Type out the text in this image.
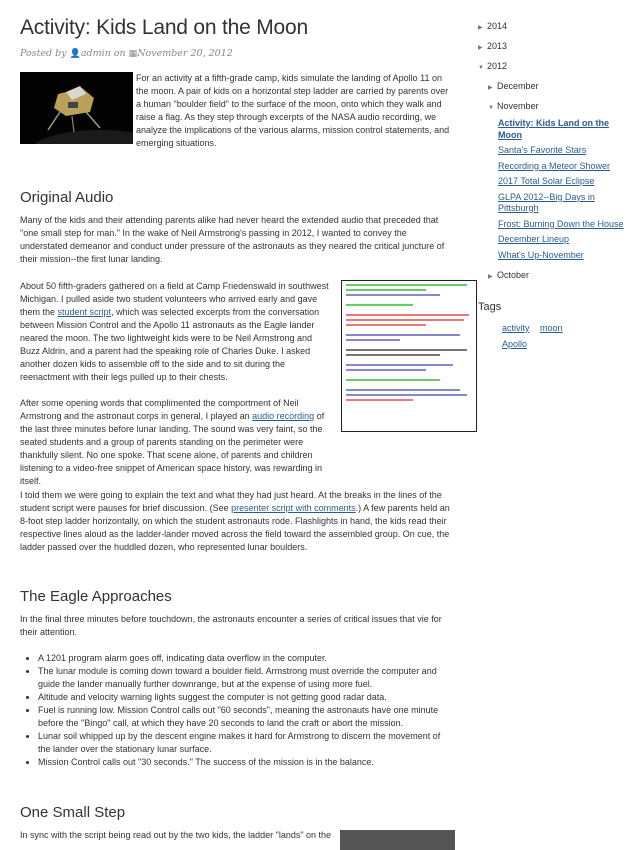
Activity: Kids Land on the Moon
Posted by 👤admin on ▦November 20, 2012

For an activity at a fifth-grade camp, kids simulate the landing of Apollo 11 on the moon. A pair of kids on a horizontal step ladder are carried by parents over a human "boulder field" to the surface of the moon, onto which they walk and raise a flag. As they step through excerpts of the NASA audio recording, we analyze the implications of the various alarms, mission control statements, and emerging situations.

Original Audio

Many of the kids and their attending parents alike had never heard the extended audio that preceded that "one small step for man." In the wake of Neil Armstrong's passing in 2012, I wanted to convey the understated demeanor and conduct under pressure of the astronauts as they neared the critical juncture of their mission--the first lunar landing.

About 50 fifth-graders gathered on a field at Camp Friedenswald in southwest Michigan. I pulled aside two student volunteers who arrived early and gave them the student script, which was selected excerpts from the conversation between Mission Control and the Apollo 11 astronauts as the Eagle lander neared the moon. The two lightweight kids were to be Neil Armstrong and Buzz Aldrin, and a parent had the speaking role of Charles Duke. I asked another dozen kids to assemble off to the side and to sit during the reenactment with their legs pulled up to their chests.

After some opening words that complimented the comportment of Neil Armstrong and the astronaut corps in general, I played an audio recording of the last three minutes before lunar landing. The sound was very faint, so the seated students and a group of parents standing on the perimeter were thankfully silent. No one spoke. That scene alone, of parents and children listening to a video-free snippet of American space history, was rewarding in itself.

I told them we were going to explain the text and what they had just heard. At the breaks in the lines of the student script were pauses for brief discussion. (See presenter script with comments.) A few parents held an 8-foot step ladder horizontally, on which the student astronauts rode. Flashlights in hand, the kids read their respective lines aloud as the ladder-lander moved across the field toward the assembled group. On cue, the ladder passed over the huddled dozen, who represented lunar boulders.

The Eagle Approaches

In the final three minutes before touchdown, the astronauts encounter a series of critical issues that vie for their attention.

• A 1201 program alarm goes off, indicating data overflow in the computer.
• The lunar module is coming down toward a boulder field. Armstrong must override the computer and guide the lander manually further downrange, but at the expense of using more fuel.
• Altitude and velocity warning lights suggest the computer is not getting good radar data.
• Fuel is running low. Mission Control calls out "60 seconds", meaning the astronauts have one minute before the "Bingo" call, at which they have 20 seconds to land the craft or abort the mission.
• Lunar soil whipped up by the descent engine makes it hard for Armstrong to discern the movement of the lander over the stationary lunar surface.
• Mission Control calls out "30 seconds." The success of the mission is in the balance.
One Small Step

In sync with the script being read out by the two kids, the ladder "lands" on the

▶ 2014
▶ 2013
▼ 2012
▶ December
▼ November
Activity: Kids Land on the Moon
Santa's Favorite Stars
Recording a Meteor Shower
2017 Total Solar Eclipse
GLPA 2012--Big Days in Pittsburgh
Frost: Burning Down the House
December Lineup
What's Up-November
▶ October
Tags
activity moon
Apollo
